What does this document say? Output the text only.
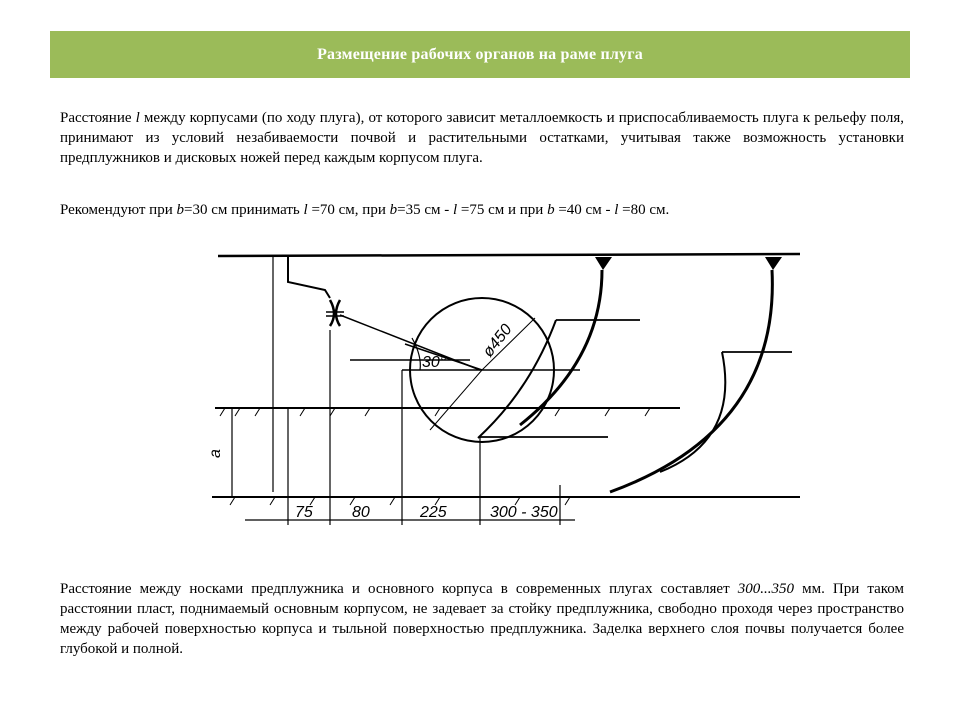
Размещение рабочих органов на раме плуга
Расстояние l между корпусами (по ходу плуга), от которого зависит металлоемкость и приспосабливаемость плуга к рельефу поля, принимают из условий незабиваемости почвой и растительными остатками, учитывая также возможность установки предплужников и дисковых ножей перед каждым корпусом плуга.
Рекомендуют при b=30 см принимать l =70 см, при b=35 см - l =75 см и при b =40 см - l =80 см.
30°
ø450
a
75 80	225	300 - 350
Расстояние между носками предплужника и основного корпуса в современных плугах составляет 300...350 мм. При таком расстоянии пласт, поднимаемый основным корпусом, не задевает за стойку предплужника, свободно проходя через пространство между рабочей поверхностью корпуса и тыльной поверхностью предплужника. Заделка верхнего слоя почвы получается более глубокой и полной.
